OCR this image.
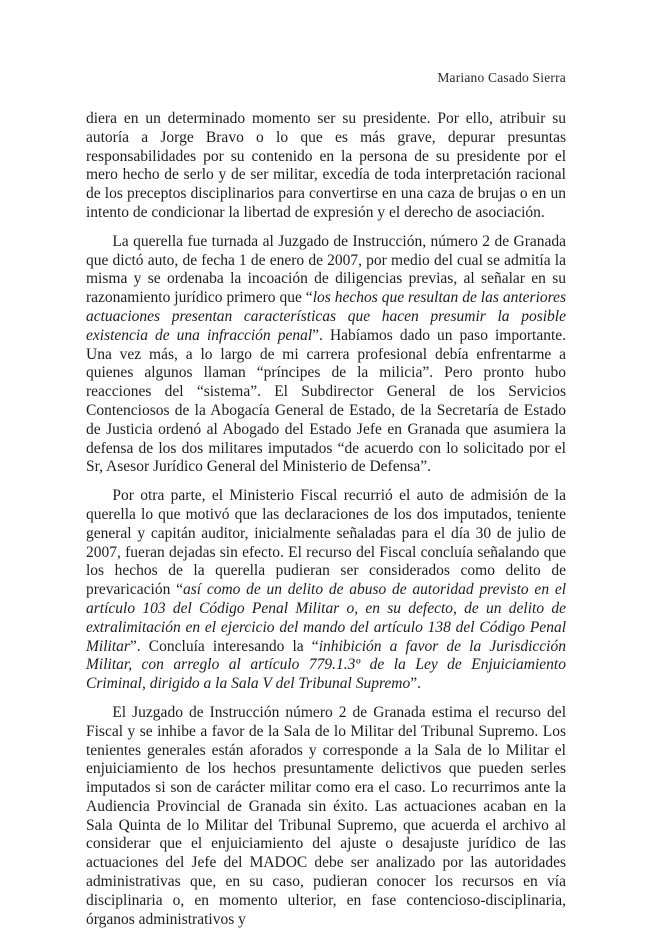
Mariano Casado Sierra

diera en un determinado momento ser su presidente. Por ello, atribuir su autoría a Jorge Bravo o lo que es más grave, depurar presuntas responsabilidades por su contenido en la persona de su presidente por el mero hecho de serlo y de ser militar, excedía de toda interpretación racional de los preceptos disciplinarios para convertirse en una caza de brujas o en un intento de condicionar la libertad de expresión y el derecho de asociación.

La querella fue turnada al Juzgado de Instrucción, número 2 de Granada que dictó auto, de fecha 1 de enero de 2007, por medio del cual se admitía la misma y se ordenaba la incoación de diligencias previas, al señalar en su razonamiento jurídico primero que “los hechos que resultan de las anteriores actuaciones presentan características que hacen presumir la posible existencia de una infracción penal”. Habíamos dado un paso importante. Una vez más, a lo largo de mi carrera profesional debía enfrentarme a quienes algunos llaman “príncipes de la milicia”. Pero pronto hubo reacciones del “sistema”. El Subdirector General de los Servicios Contenciosos de la Abogacía General de Estado, de la Secretaría de Estado de Justicia ordenó al Abogado del Estado Jefe en Granada que asumiera la defensa de los dos militares imputados “de acuerdo con lo solicitado por el Sr, Asesor Jurídico General del Ministerio de Defensa”.

Por otra parte, el Ministerio Fiscal recurrió el auto de admisión de la querella lo que motivó que las declaraciones de los dos imputados, teniente general y capitán auditor, inicialmente señaladas para el día 30 de julio de 2007, fueran dejadas sin efecto. El recurso del Fiscal concluía señalando que los hechos de la querella pudieran ser considerados como delito de prevaricación “así como de un delito de abuso de autoridad previsto en el artículo 103 del Código Penal Militar o, en su defecto, de un delito de extralimitación en el ejercicio del mando del artículo 138 del Código Penal Militar”. Concluía interesando la “inhibición a favor de la Jurisdicción Militar, con arreglo al artículo 779.1.3º de la Ley de Enjuiciamiento Criminal, dirigido a la Sala V del Tribunal Supremo”.

El Juzgado de Instrucción número 2 de Granada estima el recurso del Fiscal y se inhibe a favor de la Sala de lo Militar del Tribunal Supremo. Los tenientes generales están aforados y corresponde a la Sala de lo Militar el enjuiciamiento de los hechos presuntamente delictivos que pueden serles imputados si son de carácter militar como era el caso. Lo recurrimos ante la Audiencia Provincial de Granada sin éxito. Las actuaciones acaban en la Sala Quinta de lo Militar del Tribunal Supremo, que acuerda el archivo al considerar que el enjuiciamiento del ajuste o desajuste jurídico de las actuaciones del Jefe del MADOC debe ser analizado por las autoridades administrativas que, en su caso, pudieran conocer los recursos en vía disciplinaria o, en momento ulterior, en fase contencioso-disciplinaria, órganos administrativos y
